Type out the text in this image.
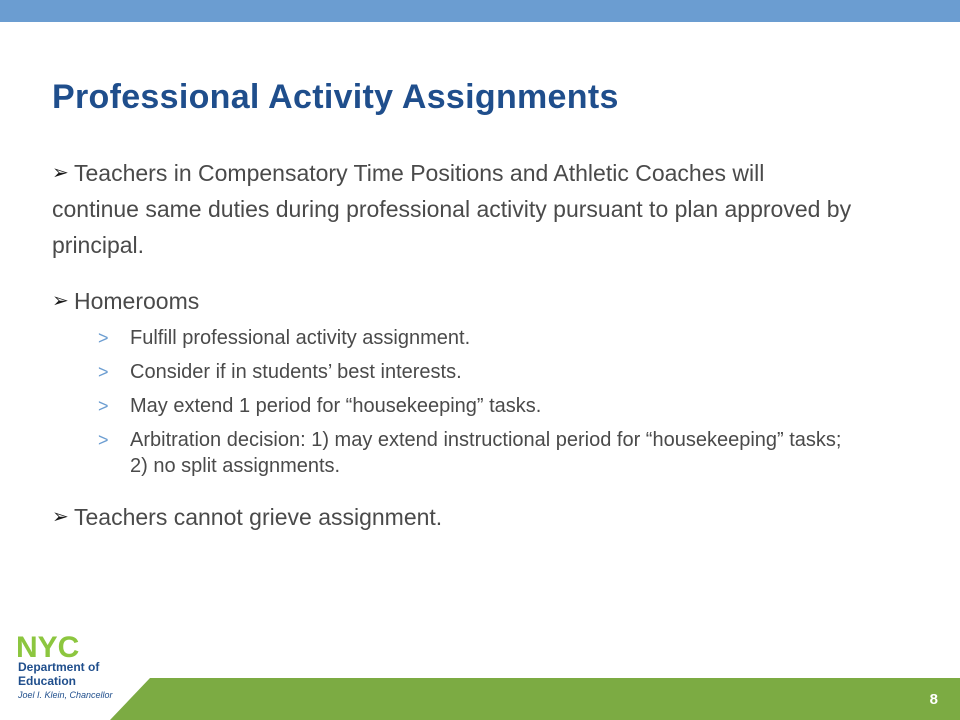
Professional Activity Assignments
➢ Teachers in Compensatory Time Positions and Athletic Coaches will continue same duties during professional activity pursuant to plan approved by principal.
➢ Homerooms
> Fulfill professional activity assignment.
> Consider if in students’ best interests.
> May extend 1 period for “housekeeping” tasks.
> Arbitration decision: 1) may extend instructional period for “housekeeping” tasks; 2) no split assignments.
➢ Teachers cannot grieve assignment.
8
NYC
Department of
Education
Joel I. Klein, Chancellor
